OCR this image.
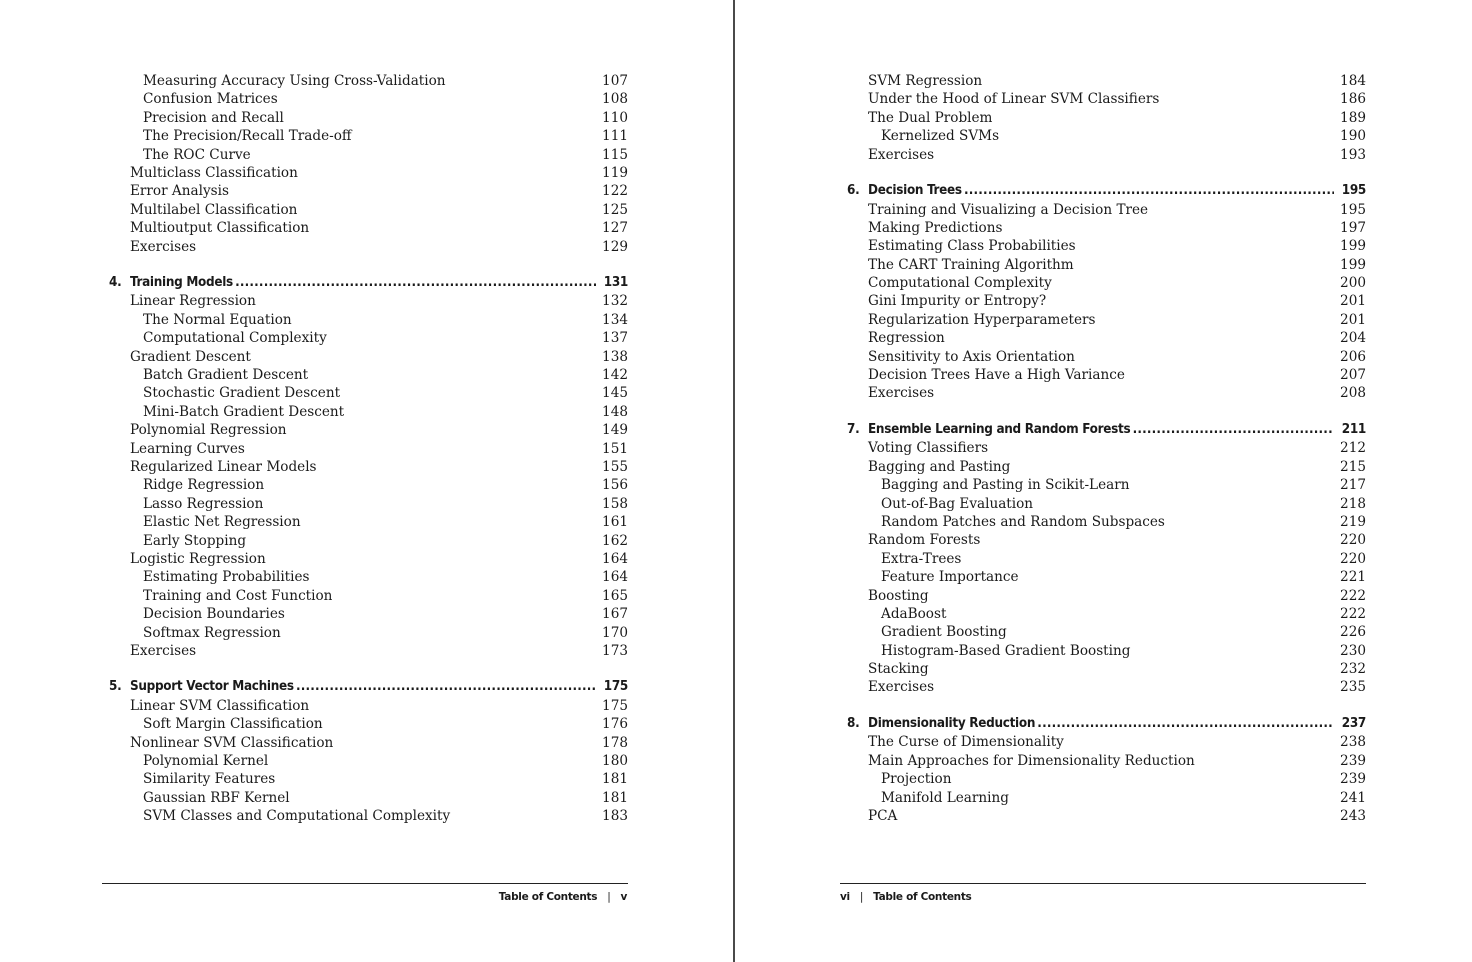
Measuring Accuracy Using Cross-Validation	107
Confusion Matrices	108
Precision and Recall	110
The Precision/Recall Trade-off	111
The ROC Curve	115
Multiclass Classification	119
Error Analysis	122
Multilabel Classification	125
Multioutput Classification	127
Exercises	129
4. Training Models . . .	131
Linear Regression	132
The Normal Equation	134
Computational Complexity	137
Gradient Descent	138
Batch Gradient Descent	142
Stochastic Gradient Descent	145
Mini-Batch Gradient Descent	148
Polynomial Regression	149
Learning Curves	151
Regularized Linear Models	155
Ridge Regression	156
Lasso Regression	158
Elastic Net Regression	161
Early Stopping	162
Logistic Regression	164
Estimating Probabilities	164
Training and Cost Function	165
Decision Boundaries	167
Softmax Regression	170
Exercises	173
5. Support Vector Machines . . .	175
Linear SVM Classification	175
Soft Margin Classification	176
Nonlinear SVM Classification	178
Polynomial Kernel	180
Similarity Features	181
Gaussian RBF Kernel	181
SVM Classes and Computational Complexity	183
Table of Contents | v
SVM Regression	184
Under the Hood of Linear SVM Classifiers	186
The Dual Problem	189
Kernelized SVMs	190
Exercises	193
6. Decision Trees . . .	195
Training and Visualizing a Decision Tree	195
Making Predictions	197
Estimating Class Probabilities	199
The CART Training Algorithm	199
Computational Complexity	200
Gini Impurity or Entropy?	201
Regularization Hyperparameters	201
Regression	204
Sensitivity to Axis Orientation	206
Decision Trees Have a High Variance	207
Exercises	208
7. Ensemble Learning and Random Forests . . .	211
Voting Classifiers	212
Bagging and Pasting	215
Bagging and Pasting in Scikit-Learn	217
Out-of-Bag Evaluation	218
Random Patches and Random Subspaces	219
Random Forests	220
Extra-Trees	220
Feature Importance	221
Boosting	222
AdaBoost	222
Gradient Boosting	226
Histogram-Based Gradient Boosting	230
Stacking	232
Exercises	235
8. Dimensionality Reduction . . .	237
The Curse of Dimensionality	238
Main Approaches for Dimensionality Reduction	239
Projection	239
Manifold Learning	241
PCA	243
vi | Table of Contents
